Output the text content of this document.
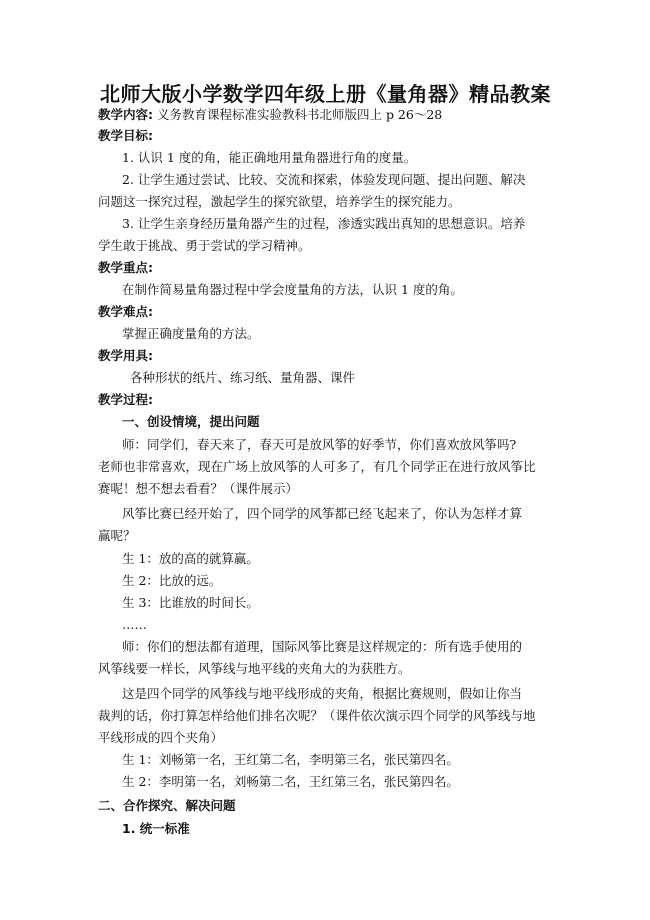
北师大版小学数学四年级上册《量角器》精品教案
教学内容: 义务教育课程标准实验教科书北师版四上 p 26～28
教学目标:
1. 认识 1 度的角，能正确地用量角器进行角的度量。
2. 让学生通过尝试、比较、交流和探索，体验发现问题、提出问题、解决
问题这一探究过程，激起学生的探究欲望，培养学生的探究能力。
3. 让学生亲身经历量角器产生的过程，渗透实践出真知的思想意识。培养
学生敢于挑战、勇于尝试的学习精神。
教学重点:
在制作简易量角器过程中学会度量角的方法，认识 1 度的角。
教学难点:
掌握正确度量角的方法。
教学用具:
各种形状的纸片、练习纸、量角器、课件
教学过程:
一、创设情境，提出问题
师：同学们，春天来了，春天可是放风筝的好季节，你们喜欢放风筝吗?
老师也非常喜欢，现在广场上放风筝的人可多了，有几个同学正在进行放风筝比
赛呢！想不想去看看？（课件展示）
风筝比赛已经开始了，四个同学的风筝都已经飞起来了，你认为怎样才算
赢呢？
生 1：放的高的就算赢。
生 2：比放的远。
生 3：比谁放的时间长。
……
师：你们的想法都有道理，国际风筝比赛是这样规定的：所有选手使用的
风筝线要一样长，风筝线与地平线的夹角大的为获胜方。
这是四个同学的风筝线与地平线形成的夹角，根据比赛规则，假如让你当
裁判的话，你打算怎样给他们排名次呢？（课件依次演示四个同学的风筝线与地
平线形成的四个夹角）
生 1：刘畅第一名，王红第二名，李明第三名，张民第四名。
生 2：李明第一名，刘畅第二名，王红第三名，张民第四名。
二、合作探究、解决问题
1. 统一标准
